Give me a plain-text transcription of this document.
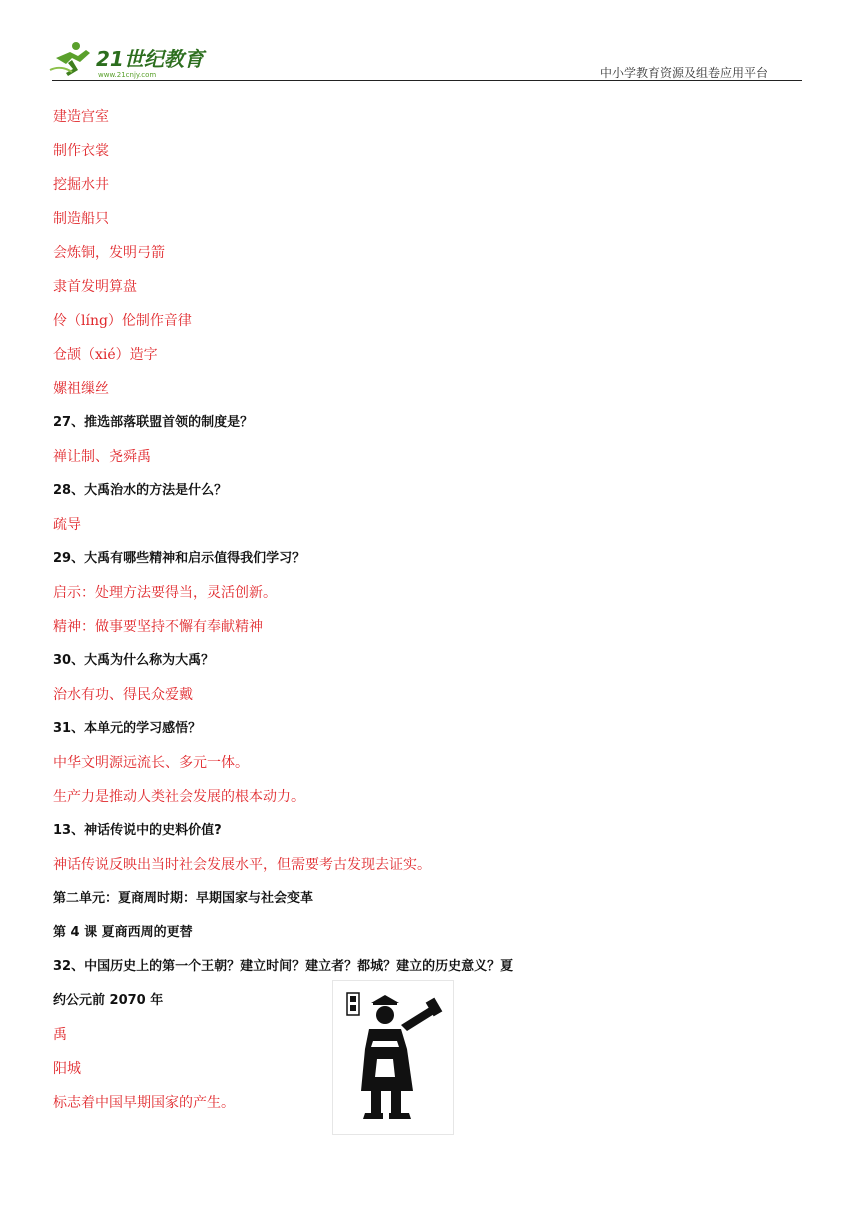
21世纪教育
www.21cnjy.com	中小学教育资源及组卷应用平台
建造宫室
制作衣裳
挖掘水井
制造船只
会炼铜，发明弓箭
隶首发明算盘
伶（líng）伦制作音律
仓颉（xié）造字
嫘祖缫丝
27、推选部落联盟首领的制度是？
禅让制、尧舜禹
28、大禹治水的方法是什么？
疏导
29、大禹有哪些精神和启示值得我们学习？
启示：处理方法要得当，灵活创新。
精神：做事要坚持不懈有奉献精神
30、大禹为什么称为大禹？
治水有功、得民众爱戴
31、本单元的学习感悟？
中华文明源远流长、多元一体。
生产力是推动人类社会发展的根本动力。
13、神话传说中的史料价值?
神话传说反映出当时社会发展水平，但需要考古发现去证实。
第二单元：夏商周时期：早期国家与社会变革
第 4 课 夏商西周的更替
32、中国历史上的第一个王朝？建立时间？建立者？都城？建立的历史意义？夏
约公元前 2070 年
禹
阳城
标志着中国早期国家的产生。
